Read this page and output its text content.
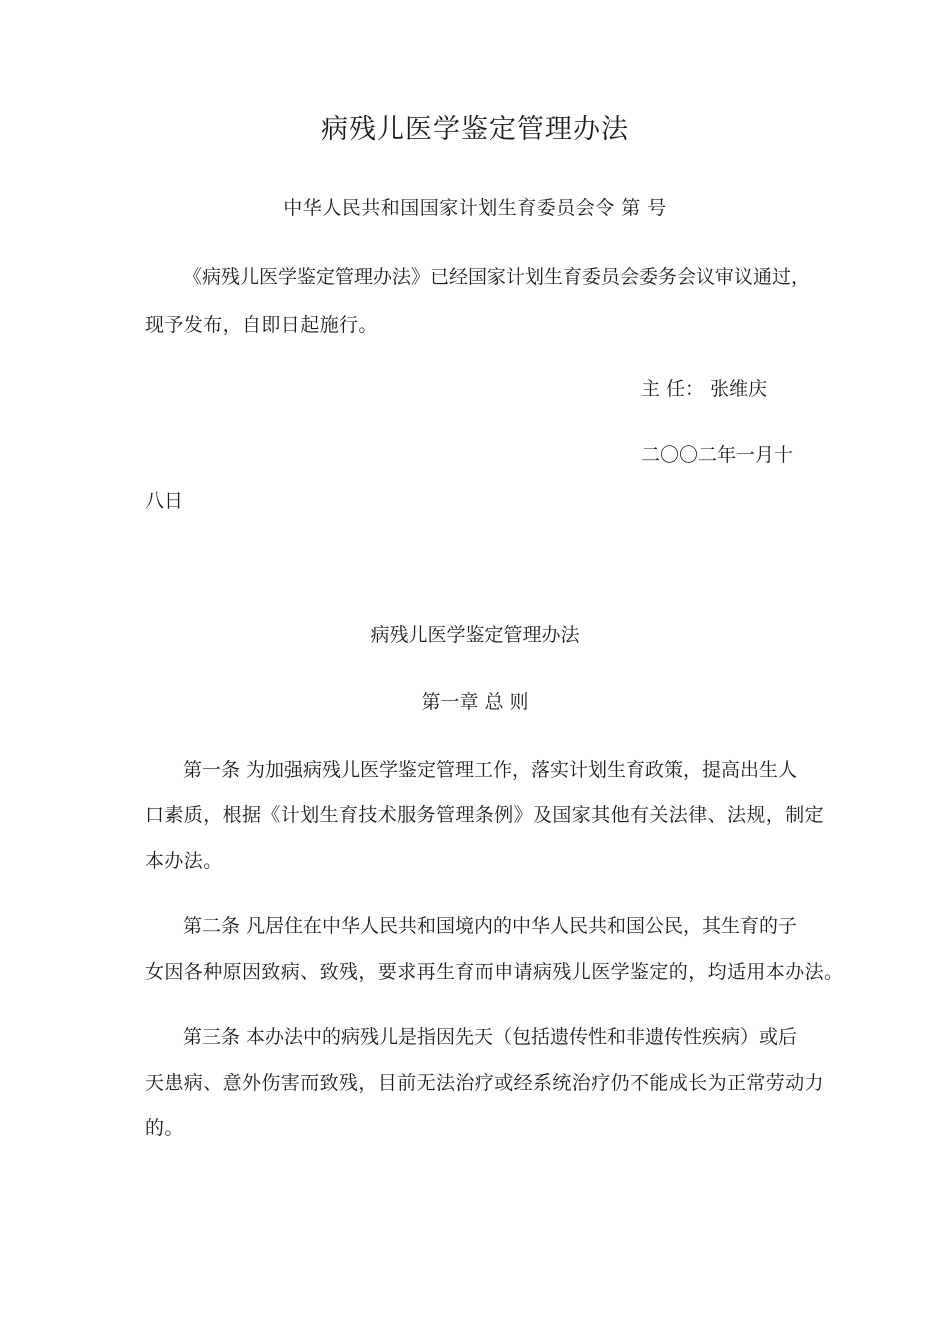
病残儿医学鉴定管理办法
中华人民共和国国家计划生育委员会令 第 号
《病残儿医学鉴定管理办法》已经国家计划生育委员会委务会议审议通过，
现予发布，自即日起施行。
主 任： 张维庆
二〇〇二年一月十
八日
病残儿医学鉴定管理办法
第一章 总 则
第一条 为加强病残儿医学鉴定管理工作，落实计划生育政策，提高出生人
口素质，根据《计划生育技术服务管理条例》及国家其他有关法律、法规，制定
本办法。
第二条 凡居住在中华人民共和国境内的中华人民共和国公民，其生育的子
女因各种原因致病、致残，要求再生育而申请病残儿医学鉴定的，均适用本办法。
第三条 本办法中的病残儿是指因先天（包括遗传性和非遗传性疾病）或后
天患病、意外伤害而致残，目前无法治疗或经系统治疗仍不能成长为正常劳动力
的。
